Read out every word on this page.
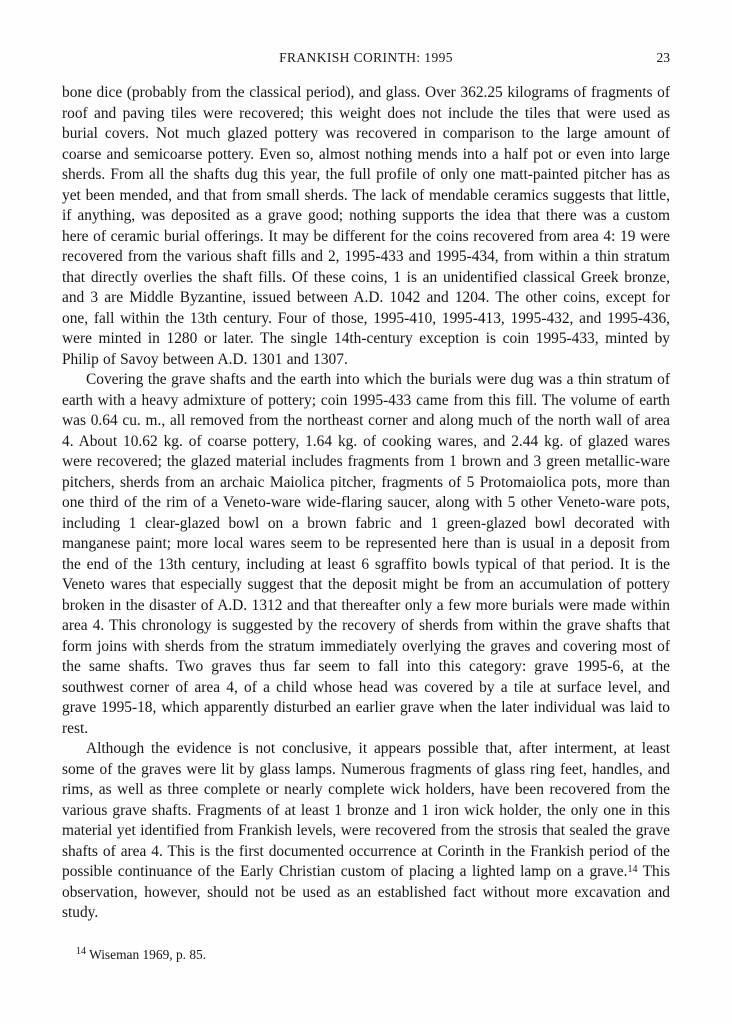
FRANKISH CORINTH: 1995	23

bone dice (probably from the classical period), and glass. Over 362.25 kilograms of fragments of roof and paving tiles were recovered; this weight does not include the tiles that were used as burial covers. Not much glazed pottery was recovered in comparison to the large amount of coarse and semicoarse pottery. Even so, almost nothing mends into a half pot or even into large sherds. From all the shafts dug this year, the full profile of only one matt-painted pitcher has as yet been mended, and that from small sherds. The lack of mendable ceramics suggests that little, if anything, was deposited as a grave good; nothing supports the idea that there was a custom here of ceramic burial offerings. It may be different for the coins recovered from area 4: 19 were recovered from the various shaft fills and 2, 1995-433 and 1995-434, from within a thin stratum that directly overlies the shaft fills. Of these coins, 1 is an unidentified classical Greek bronze, and 3 are Middle Byzantine, issued between A.D. 1042 and 1204. The other coins, except for one, fall within the 13th century. Four of those, 1995-410, 1995-413, 1995-432, and 1995-436, were minted in 1280 or later. The single 14th-century exception is coin 1995-433, minted by Philip of Savoy between A.D. 1301 and 1307.

Covering the grave shafts and the earth into which the burials were dug was a thin stratum of earth with a heavy admixture of pottery; coin 1995-433 came from this fill. The volume of earth was 0.64 cu. m., all removed from the northeast corner and along much of the north wall of area 4. About 10.62 kg. of coarse pottery, 1.64 kg. of cooking wares, and 2.44 kg. of glazed wares were recovered; the glazed material includes fragments from 1 brown and 3 green metallic-ware pitchers, sherds from an archaic Maiolica pitcher, fragments of 5 Protomaiolica pots, more than one third of the rim of a Veneto-ware wide-flaring saucer, along with 5 other Veneto-ware pots, including 1 clear-glazed bowl on a brown fabric and 1 green-glazed bowl decorated with manganese paint; more local wares seem to be represented here than is usual in a deposit from the end of the 13th century, including at least 6 sgraffito bowls typical of that period. It is the Veneto wares that especially suggest that the deposit might be from an accumulation of pottery broken in the disaster of A.D. 1312 and that thereafter only a few more burials were made within area 4. This chronology is suggested by the recovery of sherds from within the grave shafts that form joins with sherds from the stratum immediately overlying the graves and covering most of the same shafts. Two graves thus far seem to fall into this category: grave 1995-6, at the southwest corner of area 4, of a child whose head was covered by a tile at surface level, and grave 1995-18, which apparently disturbed an earlier grave when the later individual was laid to rest.

Although the evidence is not conclusive, it appears possible that, after interment, at least some of the graves were lit by glass lamps. Numerous fragments of glass ring feet, handles, and rims, as well as three complete or nearly complete wick holders, have been recovered from the various grave shafts. Fragments of at least 1 bronze and 1 iron wick holder, the only one in this material yet identified from Frankish levels, were recovered from the strosis that sealed the grave shafts of area 4. This is the first documented occurrence at Corinth in the Frankish period of the possible continuance of the Early Christian custom of placing a lighted lamp on a grave.$^{14}$ This observation, however, should not be used as an established fact without more excavation and study.

$^{14}$ Wiseman 1969, p. 85.
